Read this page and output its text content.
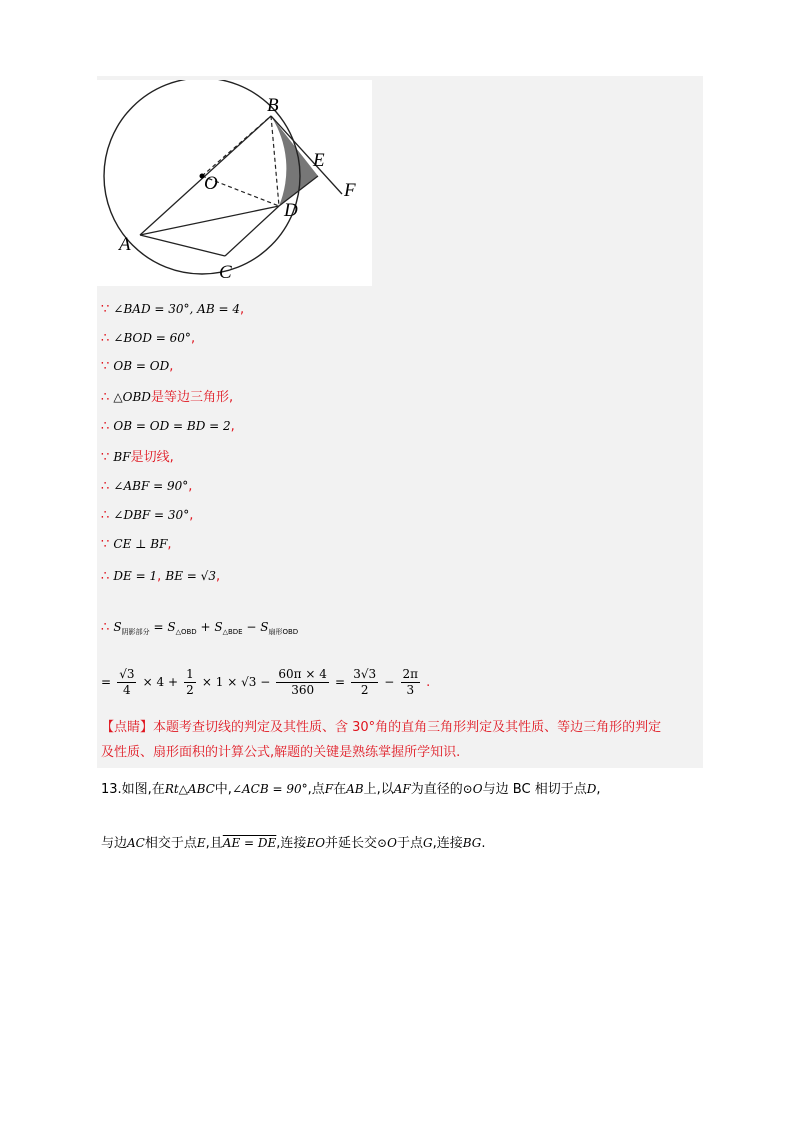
B
E
O	F
D
A
C
∵ ∠BAD = 30°, AB = 4,
∴ ∠BOD = 60°,
∵ OB = OD,
∴ △OBD是等边三角形,
∴ OB = OD = BD = 2,
∵ BF是切线,
∴ ∠ABF = 90°,
∴ ∠DBF = 30°,
∵ CE ⊥ BF,
∴ DE = 1, BE = √3,
∴ $S_{阴影部分} = S_{\triangle OBD} + S_{\triangle BDE} - S_{扇形OBD}$
= $\frac{√3}{4} \times 4 + \frac{1}{2} \times 1 \times √3 - \frac{60\pi \times 4}{360} = \frac{3√3}{2} - \frac{2\pi}{3}$ .
【点睛】本题考查切线的判定及其性质、含 30°角的直角三角形判定及其性质、等边三角形的判定
及性质、扇形面积的计算公式,解题的关键是熟练掌握所学知识.
13.如图,在Rt△ABC中,∠ACB = 90°,点F在AB上,以AF为直径的⊙O与边 BC 相切于点D,
与边AC相交于点E,且AE = DE,连接EO并延长交⊙O于点G,连接BG.
